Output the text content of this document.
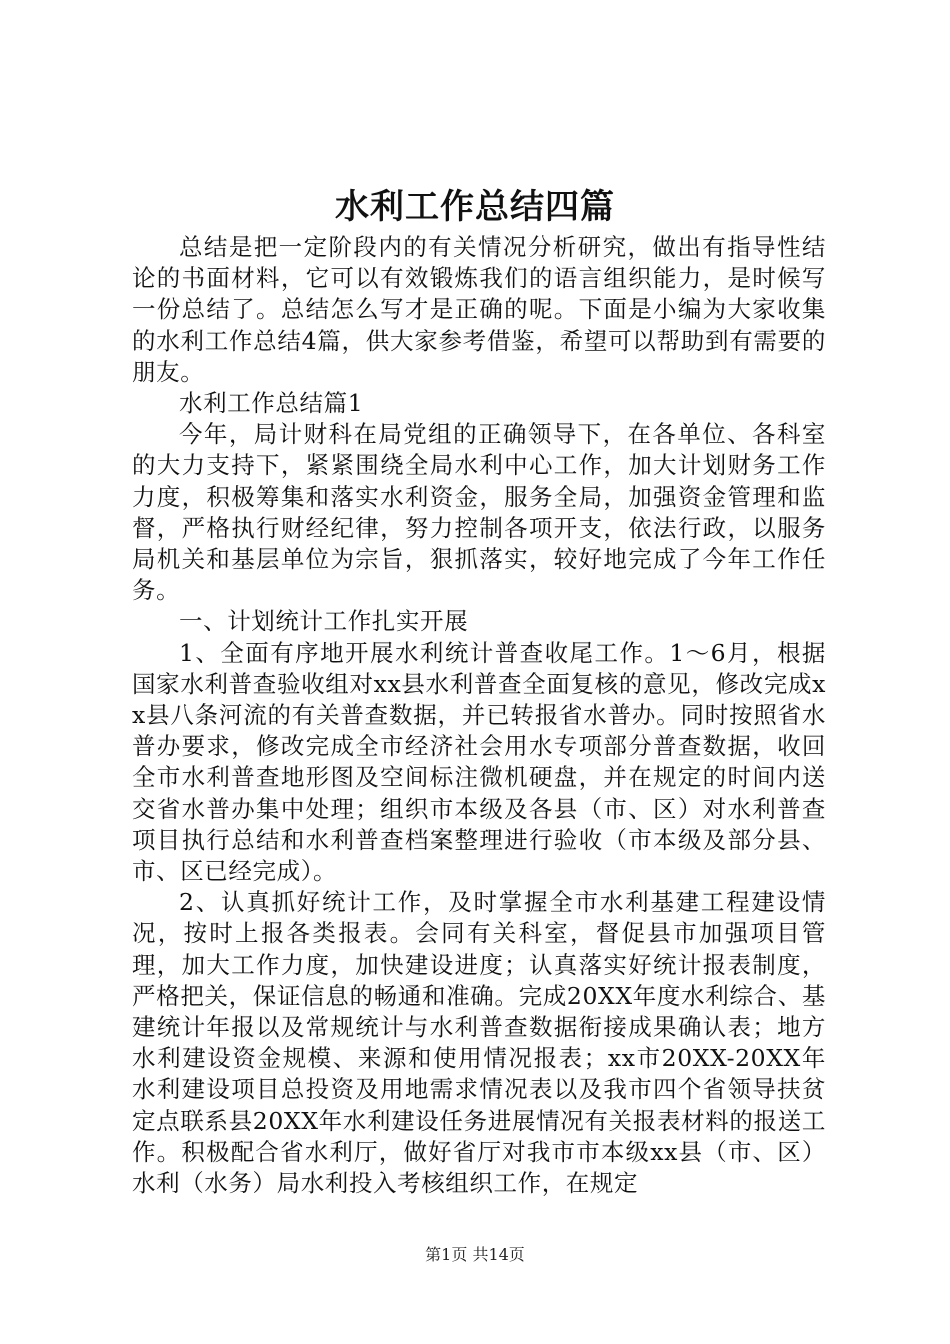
水利工作总结四篇

总结是把一定阶段内的有关情况分析研究，做出有指导性结论的书面材料，它可以有效锻炼我们的语言组织能力，是时候写一份总结了。总结怎么写才是正确的呢。下面是小编为大家收集的水利工作总结4篇，供大家参考借鉴，希望可以帮助到有需要的朋友。

水利工作总结篇1

今年，局计财科在局党组的正确领导下，在各单位、各科室的大力支持下，紧紧围绕全局水利中心工作，加大计划财务工作力度，积极筹集和落实水利资金，服务全局，加强资金管理和监督，严格执行财经纪律，努力控制各项开支，依法行政，以服务局机关和基层单位为宗旨，狠抓落实，较好地完成了今年工作任务。

一、计划统计工作扎实开展

1、全面有序地开展水利统计普查收尾工作。1～6月，根据国家水利普查验收组对xx县水利普查全面复核的意见，修改完成xx县八条河流的有关普查数据，并已转报省水普办。同时按照省水普办要求，修改完成全市经济社会用水专项部分普查数据，收回全市水利普查地形图及空间标注微机硬盘，并在规定的时间内送交省水普办集中处理；组织市本级及各县（市、区）对水利普查项目执行总结和水利普查档案整理进行验收（市本级及部分县、市、区已经完成）。

2、认真抓好统计工作，及时掌握全市水利基建工程建设情况，按时上报各类报表。会同有关科室，督促县市加强项目管理，加大工作力度，加快建设进度；认真落实好统计报表制度，严格把关，保证信息的畅通和准确。完成20XX年度水利综合、基建统计年报以及常规统计与水利普查数据衔接成果确认表；地方水利建设资金规模、来源和使用情况报表；xx市20XX-20XX年水利建设项目总投资及用地需求情况表以及我市四个省领导扶贫定点联系县20XX年水利建设任务进展情况有关报表材料的报送工作。积极配合省水利厅，做好省厅对我市市本级xx县（市、区）水利（水务）局水利投入考核组织工作，在规定

第1页 共14页
